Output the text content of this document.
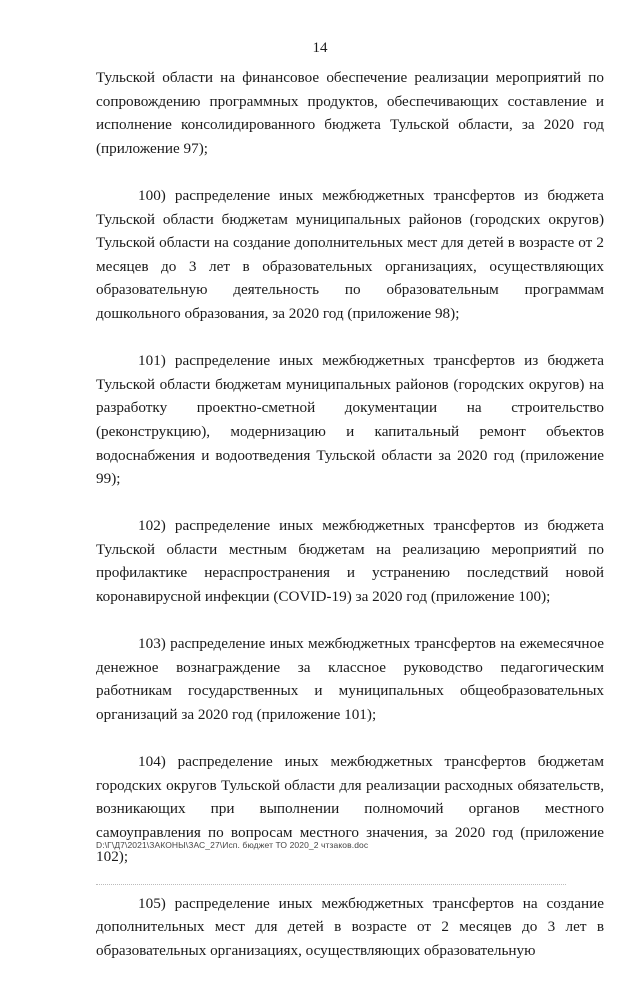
14

Тульской области на финансовое обеспечение реализации мероприятий по сопровождению программных продуктов, обеспечивающих составление и исполнение консолидированного бюджета Тульской области, за 2020 год (приложение 97);

100) распределение иных межбюджетных трансфертов из бюджета Тульской области бюджетам муниципальных районов (городских округов) Тульской области на создание дополнительных мест для детей в возрасте от 2 месяцев до 3 лет в образовательных организациях, осуществляющих образовательную деятельность по образовательным программам дошкольного образования, за 2020 год (приложение 98);

101) распределение иных межбюджетных трансфертов из бюджета Тульской области бюджетам муниципальных районов (городских округов) на разработку проектно-сметной документации на строительство (реконструкцию), модернизацию и капитальный ремонт объектов водоснабжения и водоотведения Тульской области за 2020 год (приложение 99);

102) распределение иных межбюджетных трансфертов из бюджета Тульской области местным бюджетам на реализацию мероприятий по профилактике нераспространения и устранению последствий новой коронавирусной инфекции (COVID-19) за 2020 год (приложение 100);

103) распределение иных межбюджетных трансфертов на ежемесячное денежное вознаграждение за классное руководство педагогическим работникам государственных и муниципальных общеобразовательных организаций за 2020 год (приложение 101);

104) распределение иных межбюджетных трансфертов бюджетам городских округов Тульской области для реализации расходных обязательств, возникающих при выполнении полномочий органов местного самоуправления по вопросам местного значения, за 2020 год (приложение 102);

105) распределение иных межбюджетных трансфертов на создание дополнительных мест для детей в возрасте от 2 месяцев до 3 лет в образовательных организациях, осуществляющих образовательную

D:\Г\Д7\2021\ЗАКОНЫ\ЗАС_27\Исп. бюджет ТО 2020_2 чтзаков.doc
